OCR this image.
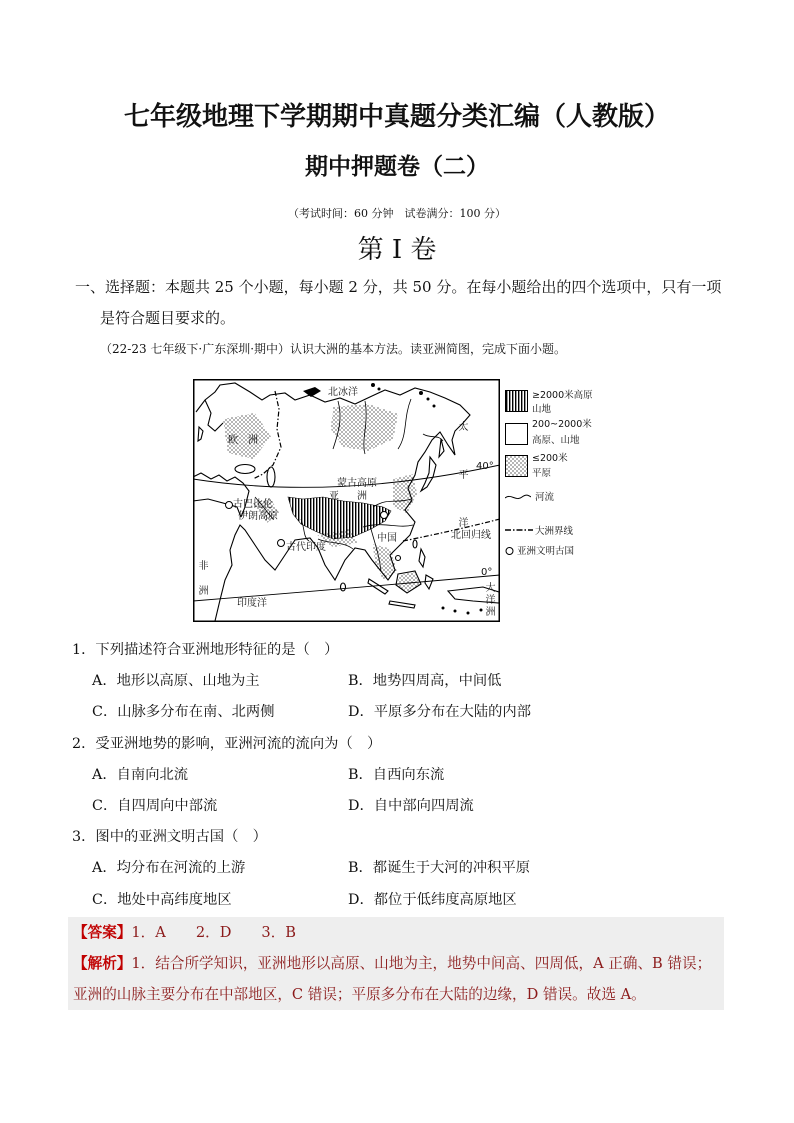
七年级地理下学期期中真题分类汇编（人教版）
期中押题卷（二）
（考试时间：60 分钟　试卷满分：100 分）
第 I 卷
一、选择题：本题共 25 个小题，每小题 2 分，共 50 分。在每小题给出的四个选项中，只有一项是符合题目要求的。
（22-23 七年级下·广东深圳·期中）认识大洲的基本方法。读亚洲简图，完成下面小题。
北冰洋
欧洲	太平洋 40°
蒙古高原
亚洲
古巴比伦
伊朗高原
古代印度
中国	北回归线
非洲	印度洋
0°
大洋洲
≥2000米高原
山地
200~2000米
高原、山地
≤200米
平原
河流
大洲界线
亚洲文明古国
1．下列描述符合亚洲地形特征的是（　）
A．地形以高原、山地为主	B．地势四周高，中间低
C．山脉多分布在南、北两侧	D．平原多分布在大陆的内部
2．受亚洲地势的影响，亚洲河流的流向为（　）
A．自南向北流	B．自西向东流
C．自四周向中部流	D．自中部向四周流
3．图中的亚洲文明古国（　）
A．均分布在河流的上游	B．都诞生于大河的冲积平原
C．地处中高纬度地区	D．都位于低纬度高原地区
【答案】1．A 2．D 3．B
【解析】1．结合所学知识，亚洲地形以高原、山地为主，地势中间高、四周低，A 正确、B 错误；亚洲的山脉主要分布在中部地区，C 错误；平原多分布在大陆的边缘，D 错误。故选 A。
